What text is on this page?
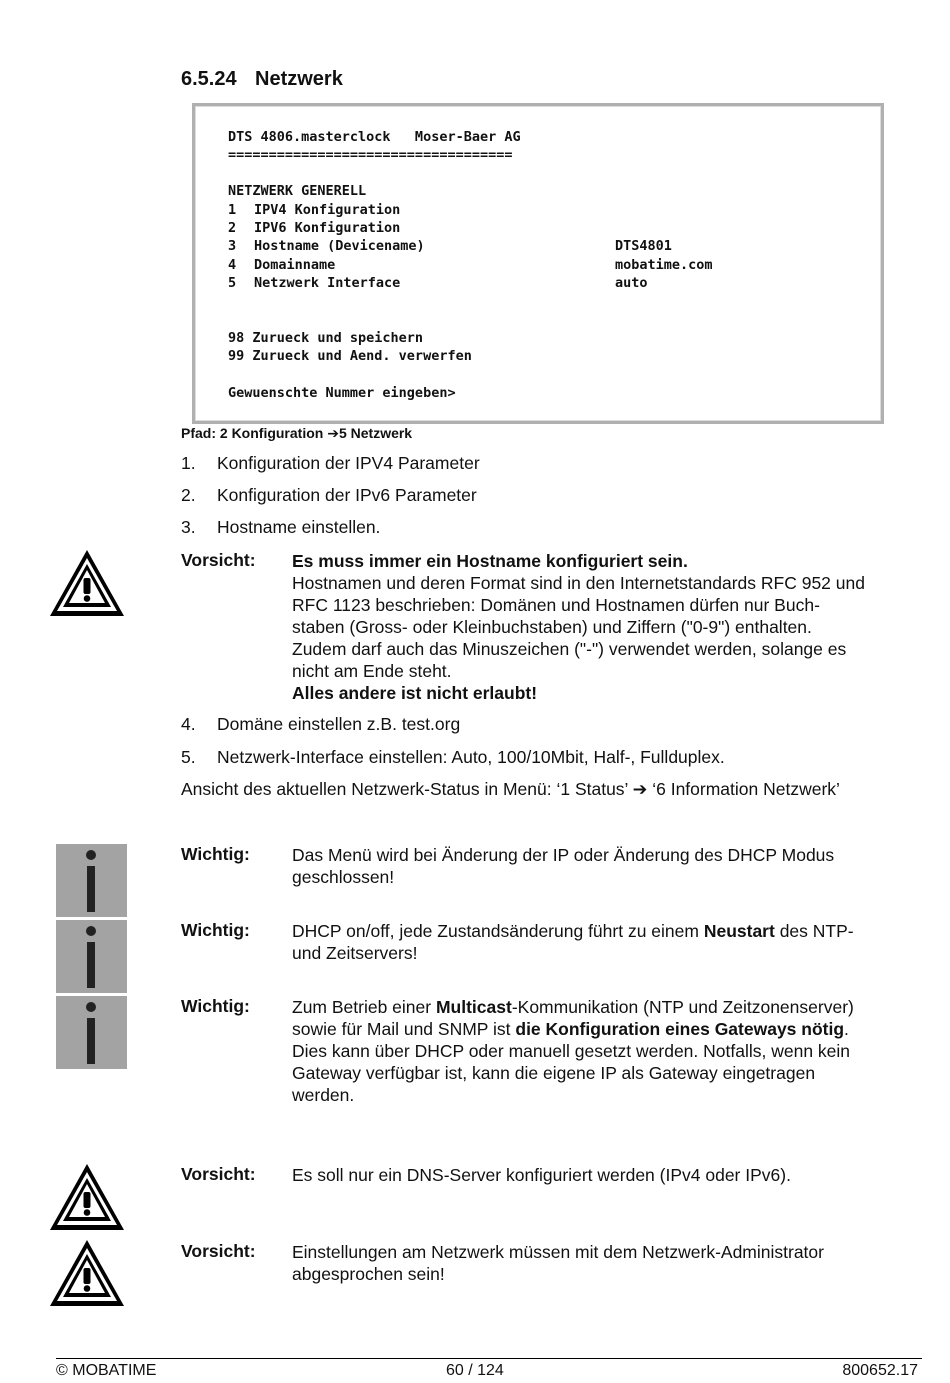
6.5.24 Netzwerk
DTS 4806.masterclock   Moser-Baer AG
===================================
NETZWERK GENERELL
1 IPV4 Konfiguration
2 IPV6 Konfiguration
3 Hostname (Devicename)	DTS4801
4 Domainname	mobatime.com
5 Netzwerk Interface	auto
98 Zurueck und speichern
99 Zurueck und Aend. verwerfen
Gewuenschte Nummer eingeben>
Pfad: 2 Konfiguration ➔5 Netzwerk
1. Konfiguration der IPV4 Parameter
2. Konfiguration der IPv6 Parameter
3. Hostname einstellen.
Vorsicht: Es muss immer ein Hostname konfiguriert sein.
Hostnamen und deren Format sind in den Internetstandards RFC 952 und
RFC 1123 beschrieben: Domänen und Hostnamen dürfen nur Buch-
staben (Gross- oder Kleinbuchstaben) und Ziffern ("0-9") enthalten.
Zudem darf auch das Minuszeichen ("-") verwendet werden, solange es
nicht am Ende steht.
Alles andere ist nicht erlaubt!
4. Domäne einstellen z.B. test.org
5. Netzwerk-Interface einstellen: Auto, 100/10Mbit, Half-, Fullduplex.
Ansicht des aktuellen Netzwerk-Status in Menü: ‘1 Status’ ➔ ‘6 Information Netzwerk’
Wichtig: Das Menü wird bei Änderung der IP oder Änderung des DHCP Modus
geschlossen!
Wichtig: DHCP on/off, jede Zustandsänderung führt zu einem Neustart des NTP-
und Zeitservers!
Wichtig: Zum Betrieb einer Multicast-Kommunikation (NTP und Zeitzonenserver)
sowie für Mail und SNMP ist die Konfiguration eines Gateways nötig.
Dies kann über DHCP oder manuell gesetzt werden. Notfalls, wenn kein
Gateway verfügbar ist, kann die eigene IP als Gateway eingetragen
werden.
Vorsicht: Es soll nur ein DNS-Server konfiguriert werden (IPv4 oder IPv6).
Vorsicht: Einstellungen am Netzwerk müssen mit dem Netzwerk-Administrator
abgesprochen sein!
© MOBATIME	60 / 124	800652.17
